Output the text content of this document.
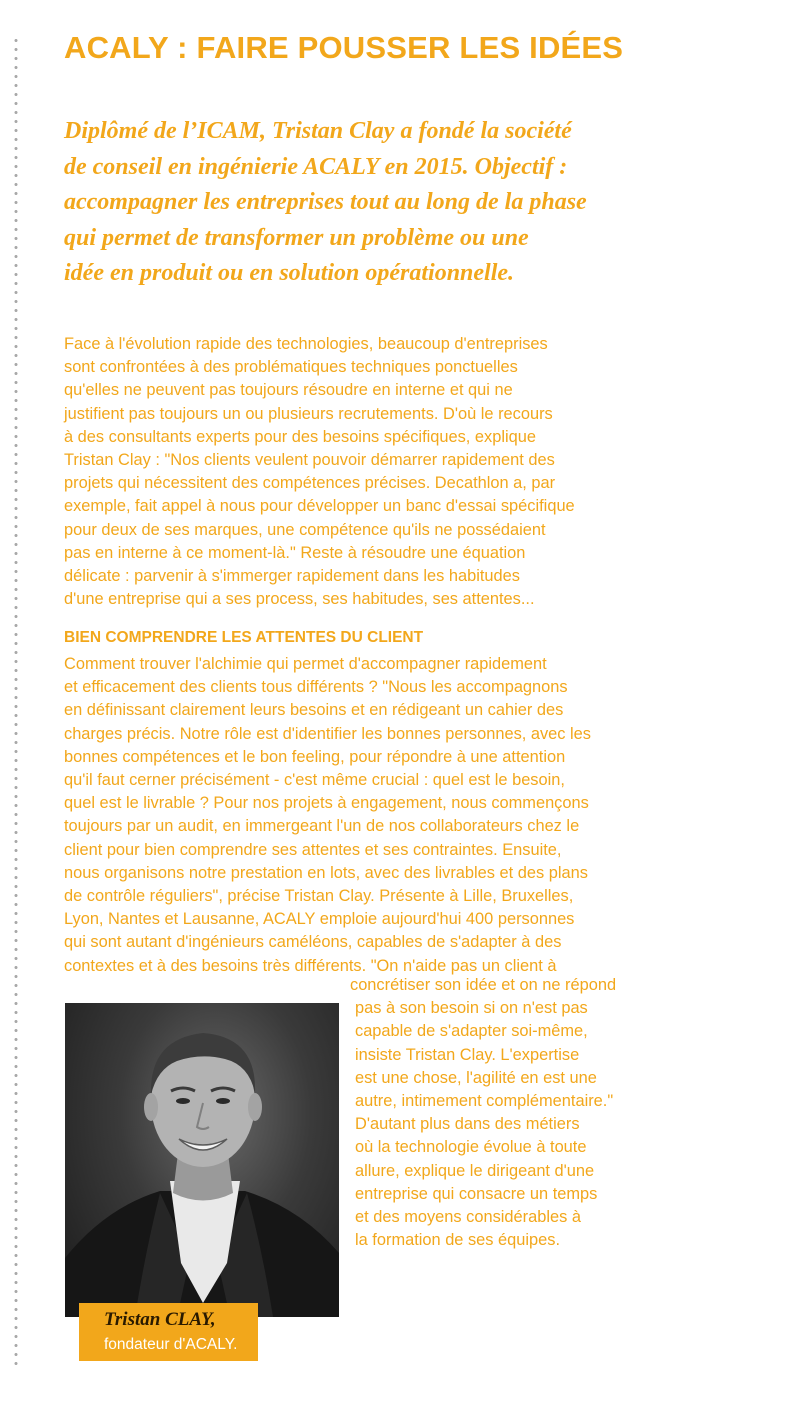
ACALY : FAIRE POUSSER LES IDÉES
Diplômé de l’ICAM, Tristan Clay a fondé la société
de conseil en ingénierie ACALY en 2015. Objectif :
accompagner les entreprises tout au long de la phase
qui permet de transformer un problème ou une
idée en produit ou en solution opérationnelle.
Face à l'évolution rapide des technologies, beaucoup d'entreprises
sont confrontées à des problématiques techniques ponctuelles
qu'elles ne peuvent pas toujours résoudre en interne et qui ne
justifient pas toujours un ou plusieurs recrutements. D'où le recours
à des consultants experts pour des besoins spécifiques, explique
Tristan Clay : "Nos clients veulent pouvoir démarrer rapidement des
projets qui nécessitent des compétences précises. Decathlon a, par
exemple, fait appel à nous pour développer un banc d'essai spécifique
pour deux de ses marques, une compétence qu'ils ne possédaient
pas en interne à ce moment-là." Reste à résoudre une équation
délicate : parvenir à s'immerger rapidement dans les habitudes
d'une entreprise qui a ses process, ses habitudes, ses attentes...
BIEN COMPRENDRE LES ATTENTES DU CLIENT
Comment trouver l'alchimie qui permet d'accompagner rapidement
et efficacement des clients tous différents ? "Nous les accompagnons
en définissant clairement leurs besoins et en rédigeant un cahier des
charges précis. Notre rôle est d'identifier les bonnes personnes, avec les
bonnes compétences et le bon feeling, pour répondre à une attention
qu'il faut cerner précisément - c'est même crucial : quel est le besoin,
quel est le livrable ? Pour nos projets à engagement, nous commençons
toujours par un audit, en immergeant l'un de nos collaborateurs chez le
client pour bien comprendre ses attentes et ses contraintes. Ensuite,
nous organisons notre prestation en lots, avec des livrables et des plans
de contrôle réguliers", précise Tristan Clay. Présente à Lille, Bruxelles,
Lyon, Nantes et Lausanne, ACALY emploie aujourd'hui 400 personnes
qui sont autant d'ingénieurs caméléons, capables de s'adapter à des
contextes et à des besoins très différents. "On n'aide pas un client à
concrétiser son idée et on ne répond
pas à son besoin si on n'est pas
capable de s'adapter soi-même,
insiste Tristan Clay. L'expertise
est une chose, l'agilité en est une
autre, intimement complémentaire."
D'autant plus dans des métiers
où la technologie évolue à toute
allure, explique le dirigeant d'une
entreprise qui consacre un temps
et des moyens considérables à
la formation de ses équipes.

Tristan CLAY,

fondateur d'ACALY.
